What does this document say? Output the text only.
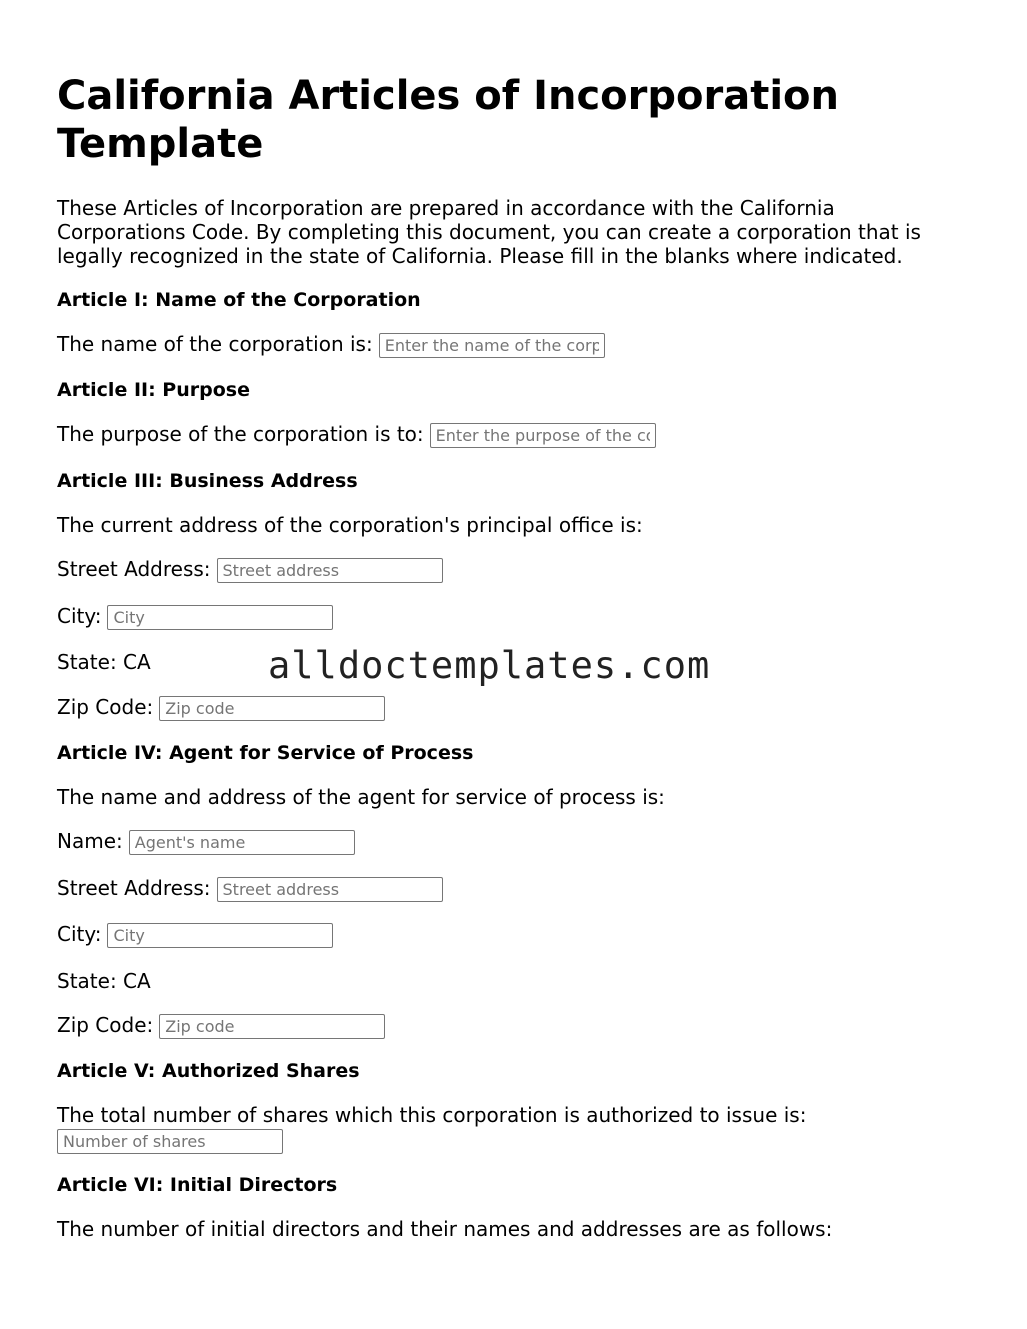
California Articles of Incorporation Template

These Articles of Incorporation are prepared in accordance with the California Corporations Code. By completing this document, you can create a corporation that is legally recognized in the state of California. Please fill in the blanks where indicated.

Article I: Name of the Corporation
The name of the corporation is:Enter the name of the corporation
Article II: Purpose
The purpose of the corporation is to:Enter the purpose of the corporation
Article III: Business Address
The current address of the corporation's principal office is:
Street Address:Street address
City:City
State: CA
Zip Code:Zip code
alldoctemplates.com
Article IV: Agent for Service of Process
The name and address of the agent for service of process is:
Name:Agent's name
Street Address:Street address
City:City
State: CA
Zip Code:Zip code
Article V: Authorized Shares
The total number of shares which this corporation is authorized to issue is:
Number of shares
Article VI: Initial Directors
The number of initial directors and their names and addresses are as follows:
